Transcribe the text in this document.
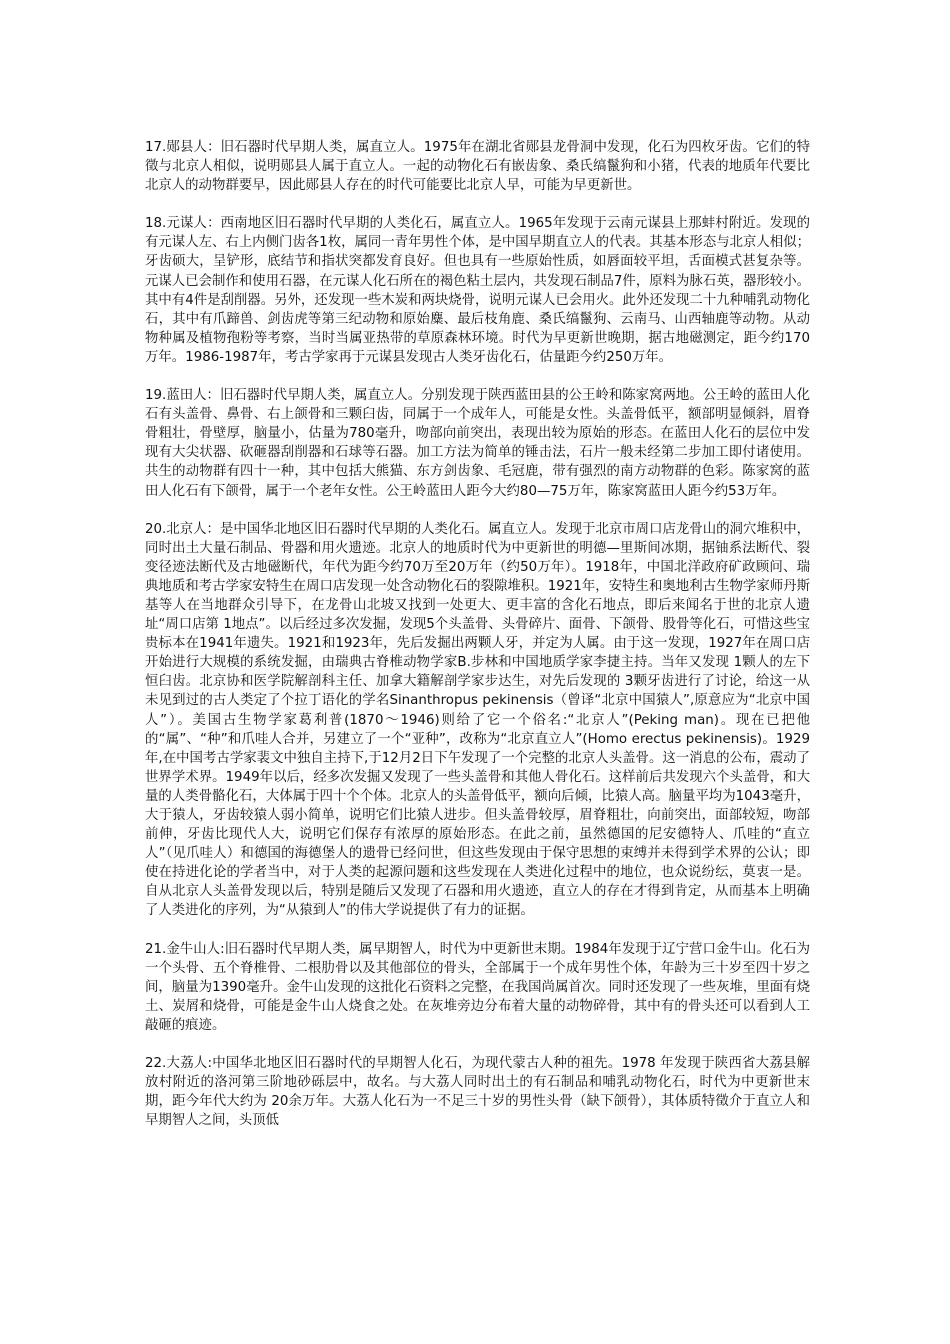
17.郧县人：旧石器时代早期人类，属直立人。1975年在湖北省郧县龙骨洞中发现，化石为四枚牙齿。它们的特徵与北京人相似，说明郧县人属于直立人。一起的动物化石有嵌齿象、桑氏缟鬣狗和小猪，代表的地质年代要比北京人的动物群要早，因此郧县人存在的时代可能要比北京人早，可能为早更新世。

18.元谋人：西南地区旧石器时代早期的人类化石，属直立人。1965年发现于云南元谋县上那蚌村附近。发现的有元谋人左、右上内侧门齿各1枚，属同一青年男性个体，是中国早期直立人的代表。其基本形态与北京人相似；牙齿硕大，呈铲形，底结节和指状突都发育良好。但也具有一些原始性质，如唇面较平坦，舌面模式甚复杂等。元谋人已会制作和使用石器，在元谋人化石所在的褐色粘土层内，共发现石制品7件，原料为脉石英，器形较小。其中有4件是刮削器。另外，还发现一些木炭和两块烧骨，说明元谋人已会用火。此外还发现二十九种哺乳动物化石，其中有爪蹄兽、剑齿虎等第三纪动物和原始麋、最后枝角鹿、桑氏缟鬣狗、云南马、山西轴鹿等动物。从动物种属及植物孢粉等考察，当时当属亚热带的草原森林环境。时代为早更新世晚期，据古地磁测定，距今约170万年。1986-1987年，考古学家再于元谋县发现古人类牙齿化石，估量距今约250万年。

19.蓝田人：旧石器时代早期人类，属直立人。分别发现于陕西蓝田县的公王岭和陈家窝两地。公王岭的蓝田人化石有头盖骨、鼻骨、右上颌骨和三颗臼齿，同属于一个成年人，可能是女性。头盖骨低平，额部明显倾斜，眉脊骨粗壮，骨壁厚，脑量小，估量为780毫升，吻部向前突出，表现出较为原始的形态。在蓝田人化石的层位中发现有大尖状器、砍砸器刮削器和石球等石器。加工方法为简单的锤击法，石片一般未经第二步加工即付诸使用。共生的动物群有四十一种，其中包括大熊猫、东方剑齿象、毛冠鹿，带有强烈的南方动物群的色彩。陈家窝的蓝田人化石有下颌骨，属于一个老年女性。公王岭蓝田人距今大约80—75万年，陈家窝蓝田人距今约53万年。

20.北京人：是中国华北地区旧石器时代早期的人类化石。属直立人。发现于北京市周口店龙骨山的洞穴堆积中，同时出土大量石制品、骨器和用火遗迹。北京人的地质时代为中更新世的明德—里斯间冰期，据铀系法断代、裂变径迹法断代及古地磁断代，年代为距今约70万至20万年（约50万年）。1918年，中国北洋政府矿政顾问、瑞典地质和考古学家安特生在周口店发现一处含动物化石的裂隙堆积。1921年，安特生和奥地利古生物学家师丹斯基等人在当地群众引导下，在龙骨山北坡又找到一处更大、更丰富的含化石地点，即后来闻名于世的北京人遗址“周口店第 1地点”。以后经过多次发掘，发现5个头盖骨、头骨碎片、面骨、下颌骨、股骨等化石，可惜这些宝贵标本在1941年遗失。1921和1923年，先后发掘出两颗人牙，并定为人属。由于这一发现，1927年在周口店开始进行大规模的系统发掘，由瑞典古脊椎动物学家B.步林和中国地质学家李捷主持。当年又发现 1颗人的左下恒臼齿。北京协和医学院解剖科主任、加拿大籍解剖学家步达生，对先后发现的 3颗牙齿进行了讨论，给这一从未见到过的古人类定了个拉丁语化的学名Sinanthropus pekinensis（曾译“北京中国猿人”,原意应为“北京中国人”）。美国古生物学家葛利普(1870～1946)则给了它一个俗名:“北京人”(Peking man)。现在已把他的“属”、“种”和爪哇人合并，另建立了一个“亚种”，改称为“北京直立人”(Homo erectus pekinensis)。1929年,在中国考古学家裴文中独自主持下,于12月2日下午发现了一个完整的北京人头盖骨。这一消息的公布，震动了世界学术界。1949年以后，经多次发掘又发现了一些头盖骨和其他人骨化石。这样前后共发现六个头盖骨，和大量的人类骨骼化石，大体属于四十个个体。北京人的头盖骨低平，额向后倾，比猿人高。脑量平均为1043毫升，大于猿人，牙齿较猿人弱小简单，说明它们比猿人进步。但头盖骨较厚，眉脊粗壮，向前突出，面部较短，吻部前伸，牙齿比现代人大，说明它们保存有浓厚的原始形态。在此之前，虽然德国的尼安德特人、爪哇的“直立人”（见爪哇人）和德国的海德堡人的遗骨已经问世，但这些发现由于保守思想的束缚并未得到学术界的公认；即使在持进化论的学者当中，对于人类的起源问题和这些发现在人类进化过程中的地位，也众说纷纭，莫衷一是。自从北京人头盖骨发现以后，特别是随后又发现了石器和用火遗迹，直立人的存在才得到肯定，从而基本上明确了人类进化的序列，为“从猿到人”的伟大学说提供了有力的证据。

21.金牛山人:旧石器时代早期人类，属早期智人，时代为中更新世末期。1984年发现于辽宁营口金牛山。化石为一个头骨、五个脊椎骨、二根肋骨以及其他部位的骨头，全部属于一个成年男性个体，年龄为三十岁至四十岁之间，脑量为1390毫升。金牛山发现的这批化石资料之完整，在我国尚属首次。同时还发现了一些灰堆，里面有烧土、炭屑和烧骨，可能是金牛山人烧食之处。在灰堆旁边分布着大量的动物碎骨，其中有的骨头还可以看到人工敲砸的痕迹。

22.大荔人:中国华北地区旧石器时代的早期智人化石，为现代蒙古人种的祖先。1978 年发现于陕西省大荔县解放村附近的洛河第三阶地砂砾层中，故名。与大荔人同时出土的有石制品和哺乳动物化石，时代为中更新世末期，距今年代大约为 20余万年。大荔人化石为一不足三十岁的男性头骨（缺下颌骨），其体质特徵介于直立人和早期智人之间，头顶低
